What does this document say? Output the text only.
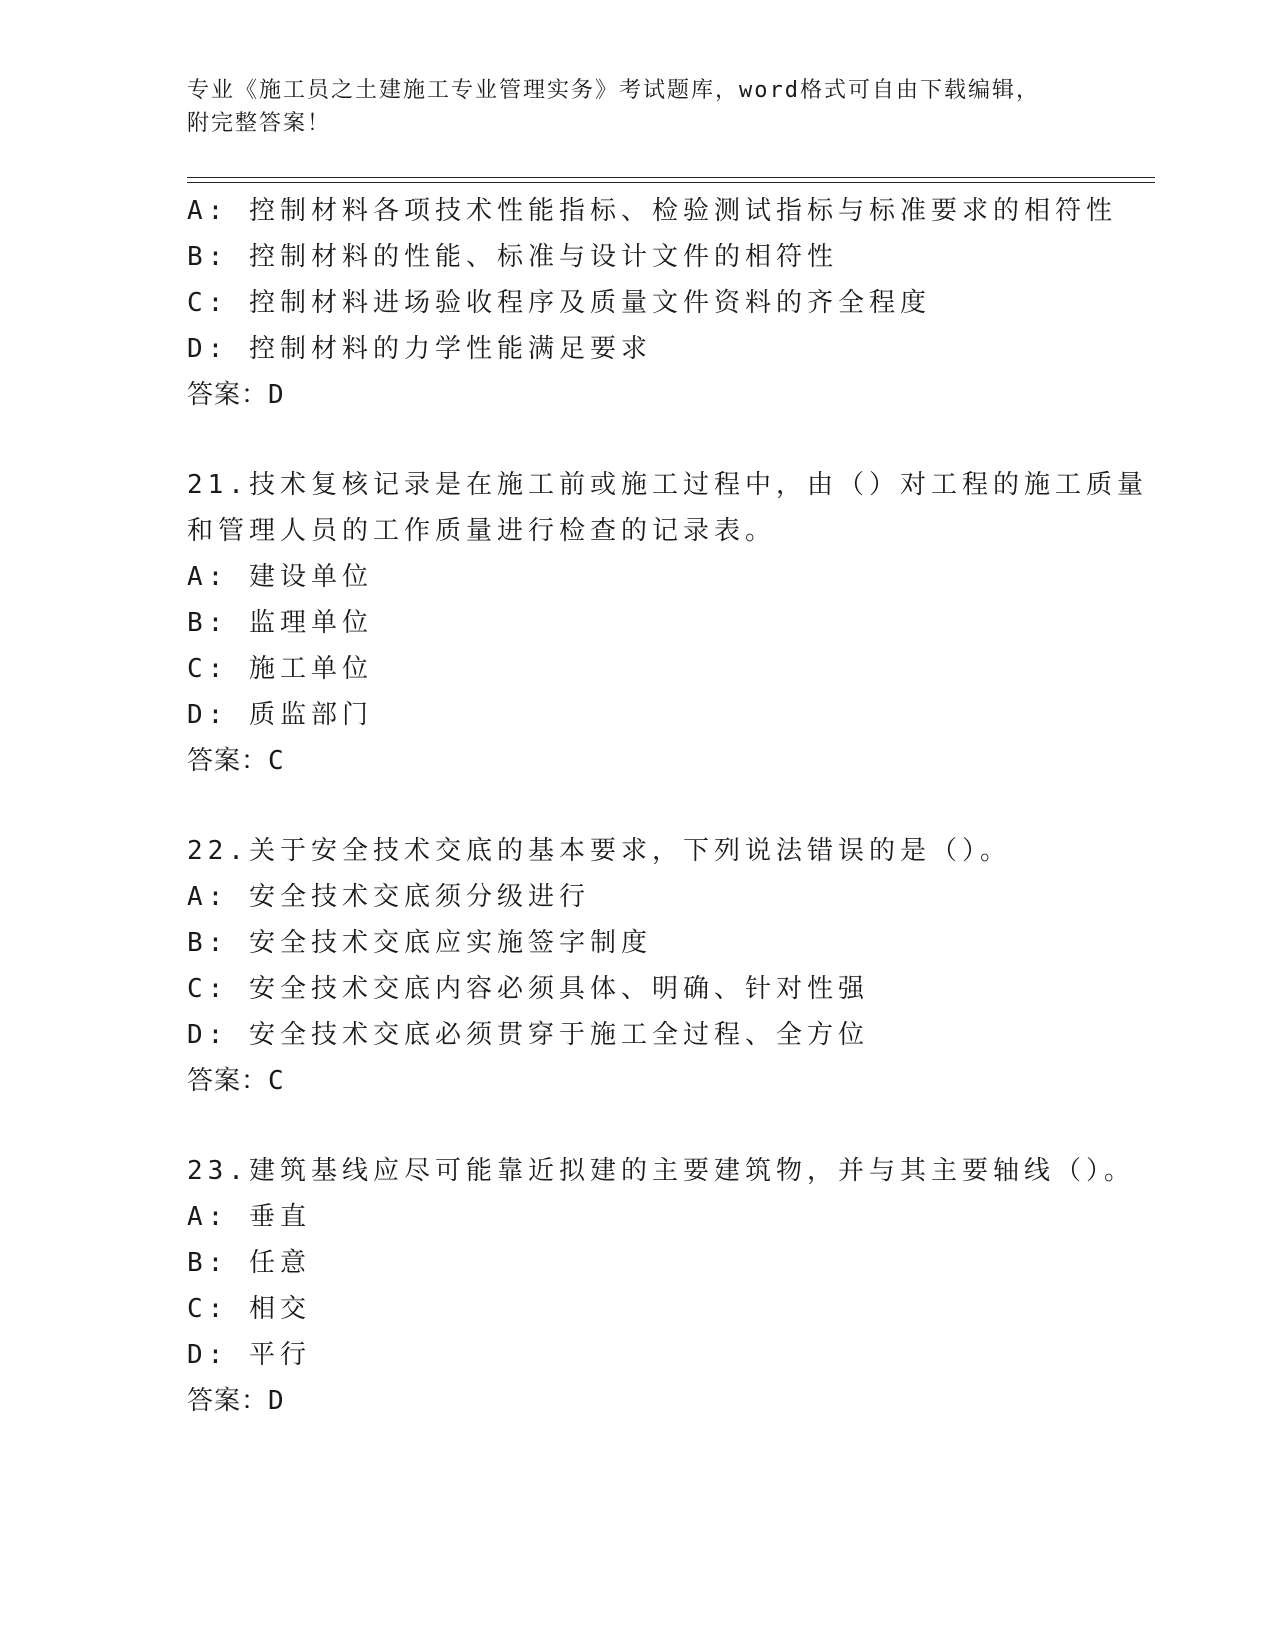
专业《施工员之土建施工专业管理实务》考试题库，word格式可自由下载编辑，
附完整答案！
A: 控制材料各项技术性能指标、检验测试指标与标准要求的相符性
B: 控制材料的性能、标准与设计文件的相符性
C: 控制材料进场验收程序及质量文件资料的齐全程度
D: 控制材料的力学性能满足要求
答案：D
21.技术复核记录是在施工前或施工过程中，由（）对工程的施工质量
和管理人员的工作质量进行检查的记录表。
A: 建设单位
B: 监理单位
C: 施工单位
D: 质监部门
答案：C
22.关于安全技术交底的基本要求，下列说法错误的是（）。
A: 安全技术交底须分级进行
B: 安全技术交底应实施签字制度
C: 安全技术交底内容必须具体、明确、针对性强
D: 安全技术交底必须贯穿于施工全过程、全方位
答案：C
23.建筑基线应尽可能靠近拟建的主要建筑物，并与其主要轴线（）。
A: 垂直
B: 任意
C: 相交
D: 平行
答案：D
